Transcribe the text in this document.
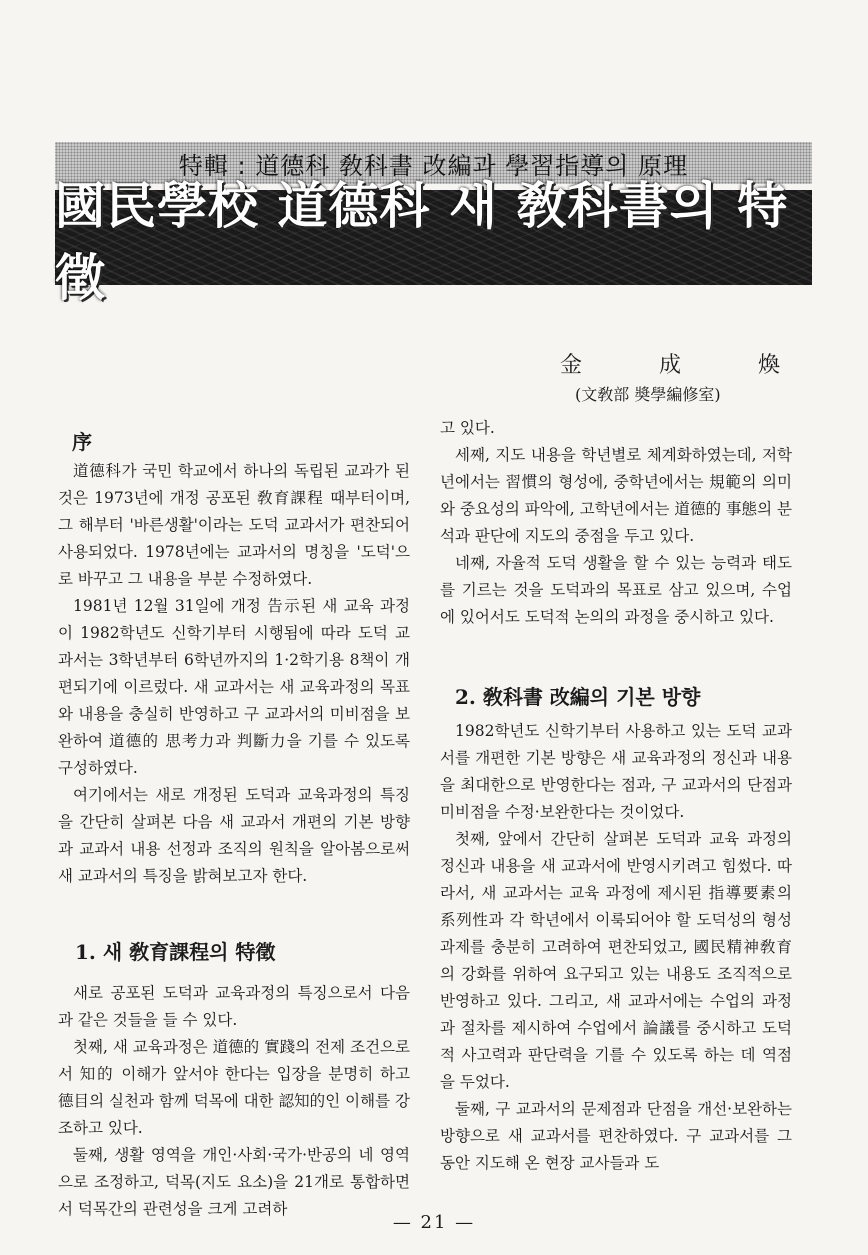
特輯 : 道德科 敎科書 改編과 學習指導의 原理
國民學校 道德科 새 敎科書의 特徵
金	成	煥
(文敎部 奬學編修室)
序

道德科가 국민 학교에서 하나의 독립된 교과가 된 것은 1973년에 개정 공포된 敎育課程 때부터이며, 그 해부터 '바른생활'이라는 도덕 교과서가 편찬되어 사용되었다. 1978년에는 교과서의 명칭을 '도덕'으로 바꾸고 그 내용을 부분 수정하였다.

1981년 12월 31일에 개정 告示된 새 교육 과정이 1982학년도 신학기부터 시행됨에 따라 도덕 교과서는 3학년부터 6학년까지의 1·2학기용 8책이 개편되기에 이르렀다. 새 교과서는 새 교육과정의 목표와 내용을 충실히 반영하고 구 교과서의 미비점을 보완하여 道德的 思考力과 判斷力을 기를 수 있도록 구성하였다.

여기에서는 새로 개정된 도덕과 교육과정의 특징을 간단히 살펴본 다음 새 교과서 개편의 기본 방향과 교과서 내용 선정과 조직의 원칙을 알아봄으로써 새 교과서의 특징을 밝혀보고자 한다.

1. 새 敎育課程의 特徵

새로 공포된 도덕과 교육과정의 특징으로서 다음과 같은 것들을 들 수 있다.

첫째, 새 교육과정은 道德的 實踐의 전제 조건으로서 知的 이해가 앞서야 한다는 입장을 분명히 하고 德目의 실천과 함께 덕목에 대한 認知的인 이해를 강조하고 있다.

둘째, 생활 영역을 개인·사회·국가·반공의 네 영역으로 조정하고, 덕목(지도 요소)을 21개로 통합하면서 덕목간의 관련성을 크게 고려하

고 있다.

세째, 지도 내용을 학년별로 체계화하였는데, 저학년에서는 習慣의 형성에, 중학년에서는 規範의 의미와 중요성의 파악에, 고학년에서는 道德的 事態의 분석과 판단에 지도의 중점을 두고 있다.

네째, 자율적 도덕 생활을 할 수 있는 능력과 태도를 기르는 것을 도덕과의 목표로 삼고 있으며, 수업에 있어서도 도덕적 논의의 과정을 중시하고 있다.

2. 敎科書 改編의 기본 방향

1982학년도 신학기부터 사용하고 있는 도덕 교과서를 개편한 기본 방향은 새 교육과정의 정신과 내용을 최대한으로 반영한다는 점과, 구 교과서의 단점과 미비점을 수정·보완한다는 것이었다.

첫째, 앞에서 간단히 살펴본 도덕과 교육 과정의 정신과 내용을 새 교과서에 반영시키려고 힘썼다. 따라서, 새 교과서는 교육 과정에 제시된 指導要素의 系列性과 각 학년에서 이룩되어야 할 도덕성의 형성 과제를 충분히 고려하여 편찬되었고, 國民精神敎育의 강화를 위하여 요구되고 있는 내용도 조직적으로 반영하고 있다. 그리고, 새 교과서에는 수업의 과정과 절차를 제시하여 수업에서 論議를 중시하고 도덕적 사고력과 판단력을 기를 수 있도록 하는 데 역점을 두었다.

둘째, 구 교과서의 문제점과 단점을 개선·보완하는 방향으로 새 교과서를 편찬하였다. 구 교과서를 그 동안 지도해 온 현장 교사들과 도

— 21 —
